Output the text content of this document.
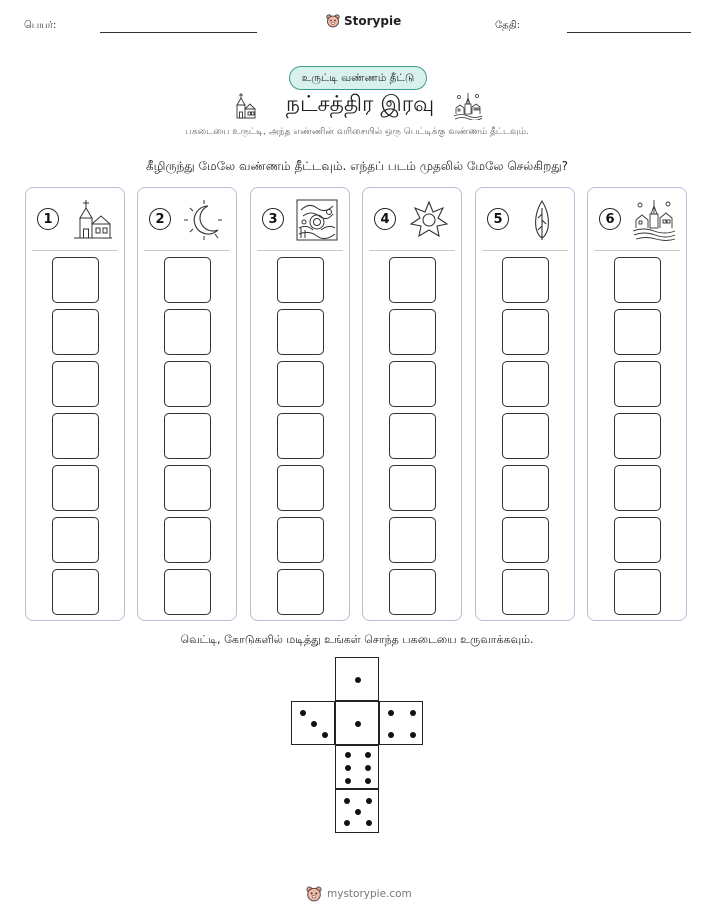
பெயர்:	Storypie	தேதி:
உருட்டி வண்ணம் தீட்டு
நட்சத்திர இரவு
பகடையை உருட்டி, அந்த எண்ணின் வரிசையில் ஒரு பெட்டிக்கு வண்ணம் தீட்டவும்.
கீழிருந்து மேலே வண்ணம் தீட்டவும். எந்தப் படம் முதலில் மேலே செல்கிறது?
1	2	3	4	5	6
வெட்டி, கோடுகளில் மடித்து உங்கள் சொந்த பகடையை உருவாக்கவும்.
mystorypie.com
